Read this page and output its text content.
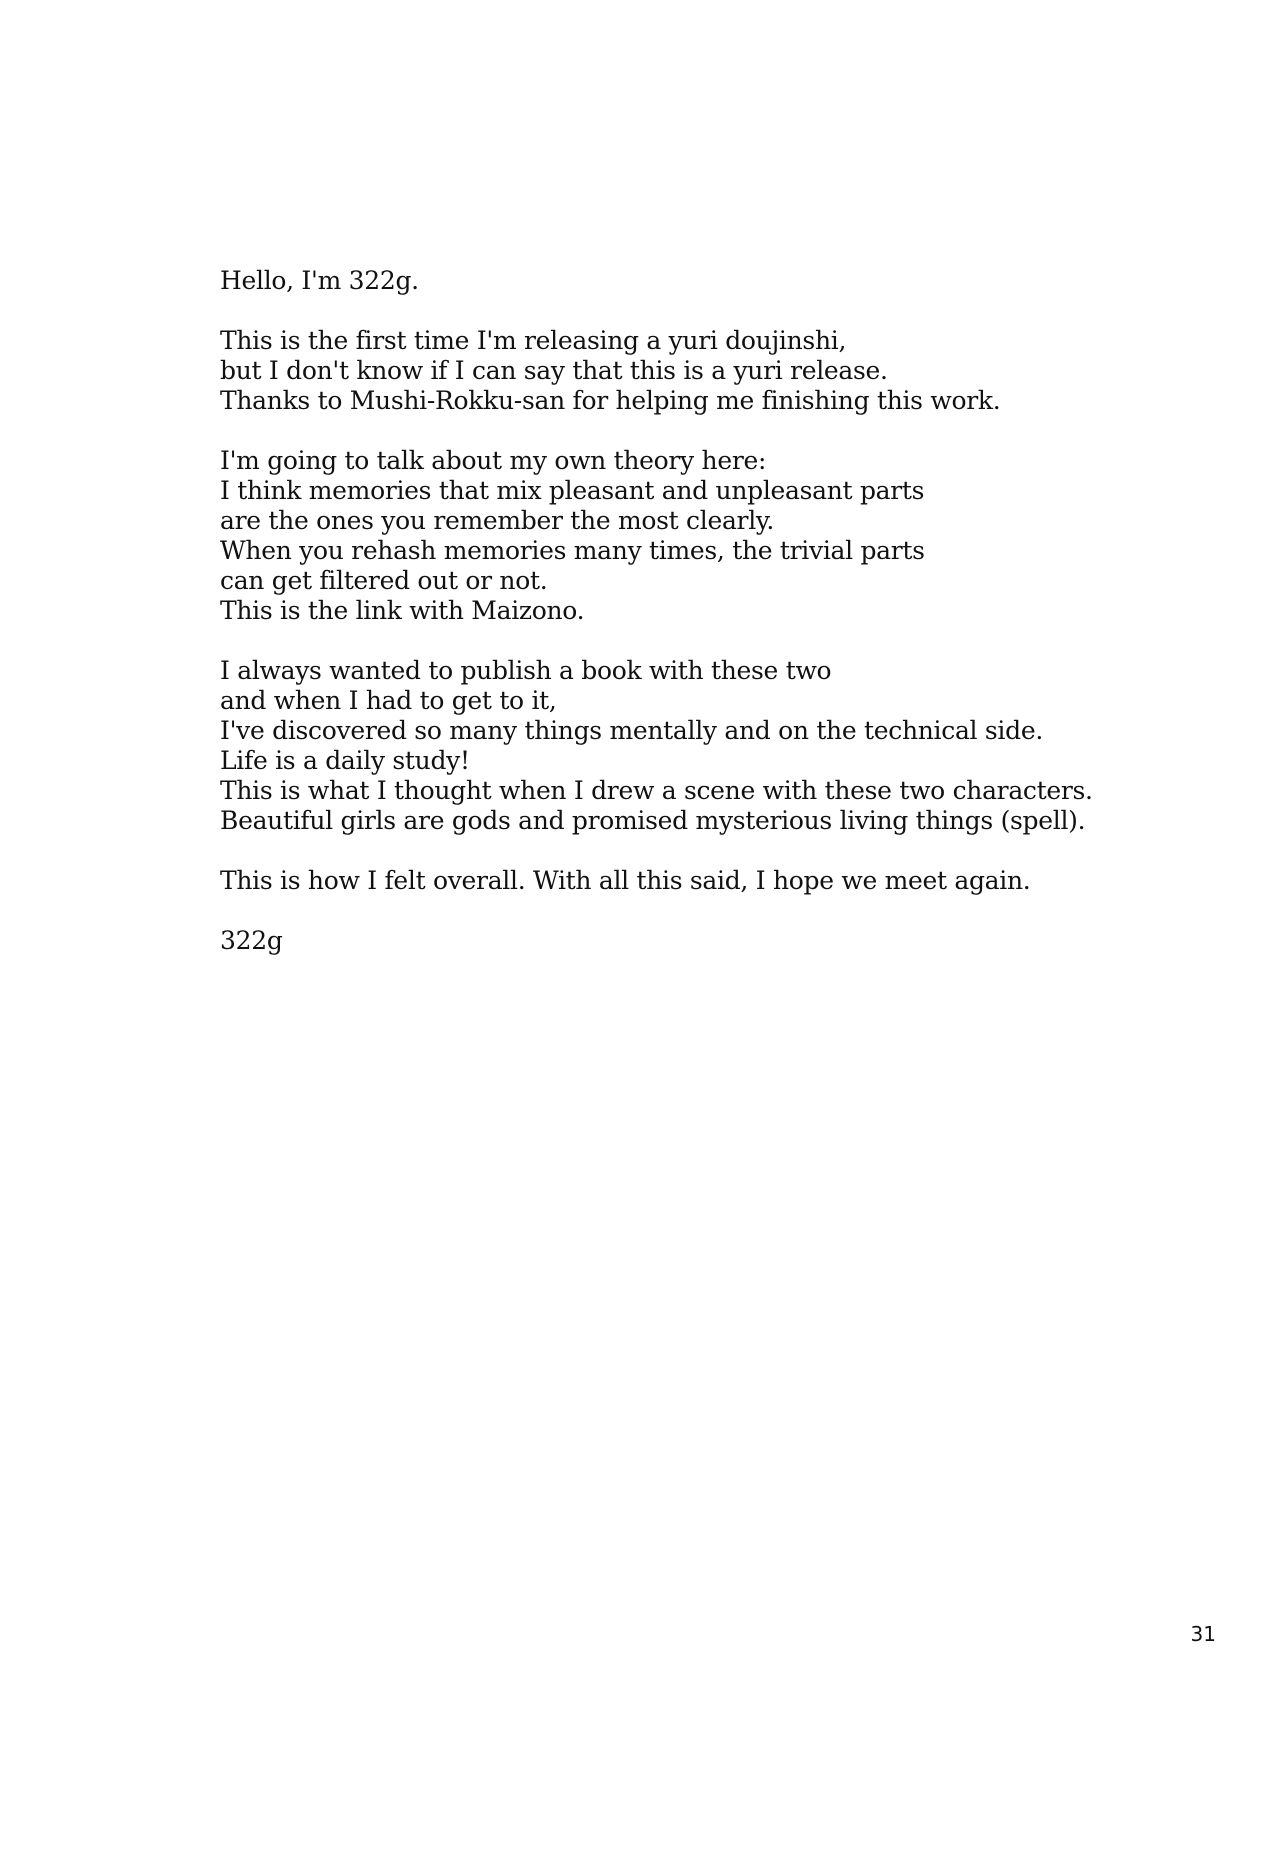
Hello, I'm 322g.
This is the first time I'm releasing a yuri doujinshi,
but I don't know if I can say that this is a yuri release.
Thanks to Mushi-Rokku-san for helping me finishing this work.
I'm going to talk about my own theory here:
I think memories that mix pleasant and unpleasant parts
are the ones you remember the most clearly.
When you rehash memories many times, the trivial parts
can get filtered out or not.
This is the link with Maizono.
I always wanted to publish a book with these two
and when I had to get to it,
I've discovered so many things mentally and on the technical side.
Life is a daily study!
This is what I thought when I drew a scene with these two characters.
Beautiful girls are gods and promised mysterious living things (spell).
This is how I felt overall. With all this said, I hope we meet again.
322g
31
